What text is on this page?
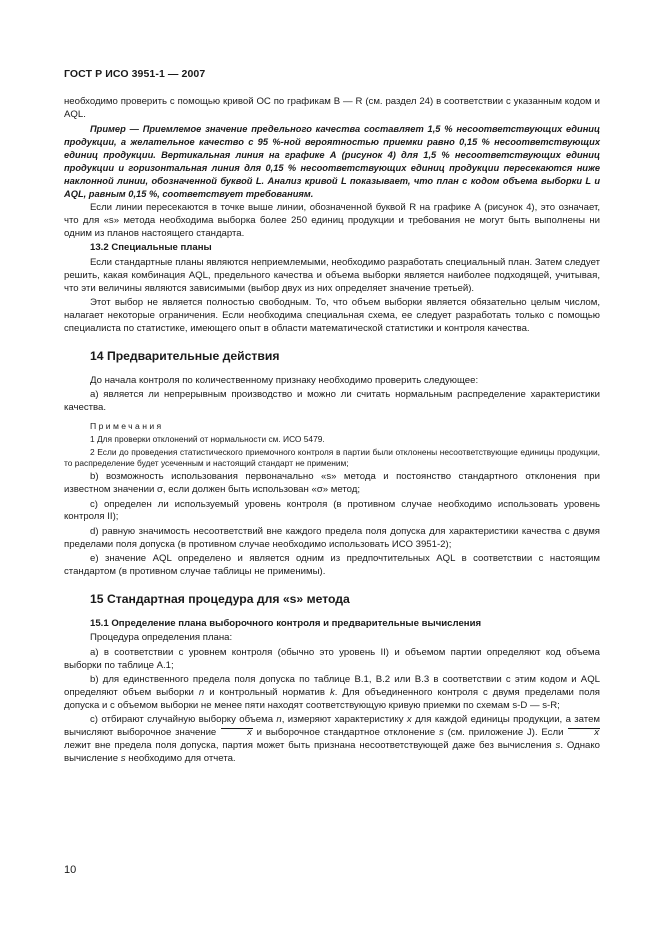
ГОСТ Р ИСО 3951-1 — 2007

необходимо проверить с помощью кривой ОС по графикам В — R (см. раздел 24) в соответствии с указанным кодом и AQL.

Пример — Приемлемое значение предельного качества составляет 1,5 % несоответствующих единиц продукции, а желательное качество с 95 %-ной вероятностью приемки равно 0,15 % несоответствующих единиц продукции. Вертикальная линия на графике А (рисунок 4) для 1,5 % несоответствующих единиц продукции и горизонтальная линия для 0,15 % несоответствующих единиц продукции пересекаются ниже наклонной линии, обозначенной буквой L. Анализ кривой L показывает, что план с кодом объема выборки L и AQL, равным 0,15 %, соответствует требованиям.

Если линии пересекаются в точке выше линии, обозначенной буквой R на графике А (рисунок 4), это означает, что для «s» метода необходима выборка более 250 единиц продукции и требования не могут быть выполнены ни одним из планов настоящего стандарта.

13.2 Специальные планы

Если стандартные планы являются неприемлемыми, необходимо разработать специальный план. Затем следует решить, какая комбинация AQL, предельного качества и объема выборки является наиболее подходящей, учитывая, что эти величины являются зависимыми (выбор двух из них определяет значение третьей).

Этот выбор не является полностью свободным. То, что объем выборки является обязательно целым числом, налагает некоторые ограничения. Если необходима специальная схема, ее следует разработать только с помощью специалиста по статистике, имеющего опыт в области математической статистики и контроля качества.

14 Предварительные действия

До начала контроля по количественному признаку необходимо проверить следующее:

а) является ли непрерывным производство и можно ли считать нормальным распределение характеристики качества.

Примечания

1 Для проверки отклонений от нормальности см. ИСО 5479.

2 Если до проведения статистического приемочного контроля в партии были отклонены несоответствующие единицы продукции, то распределение будет усеченным и настоящий стандарт не применим;

b) возможность использования первоначально «s» метода и постоянство стандартного отклонения при известном значении σ, если должен быть использован «σ» метод;

с) определен ли используемый уровень контроля (в противном случае необходимо использовать уровень контроля II);

d) равную значимость несоответствий вне каждого предела поля допуска для характеристики качества с двумя пределами поля допуска (в противном случае необходимо использовать ИСО 3951-2);

е) значение AQL определено и является одним из предпочтительных AQL в соответствии с настоящим стандартом (в противном случае таблицы не применимы).

15 Стандартная процедура для «s» метода

15.1 Определение плана выборочного контроля и предварительные вычисления

Процедура определения плана:

а) в соответствии с уровнем контроля (обычно это уровень II) и объемом партии определяют код объема выборки по таблице А.1;

b) для единственного предела поля допуска по таблице В.1, В.2 или В.3 в соответствии с этим кодом и AQL определяют объем выборки n и контрольный норматив k. Для объединенного контроля с двумя пределами поля допуска и с объемом выборки не менее пяти находят соответствующую кривую приемки по схемам s-D — s-R;

с) отбирают случайную выборку объема n, измеряют характеристику x для каждой единицы продукции, а затем вычисляют выборочное значение	x и выборочное стандартное отклонение s (см. приложение J). Если	x лежит вне предела поля допуска, партия может быть признана несоответствующей даже без вычисления s. Однако вычисление s необходимо для отчета.

10
